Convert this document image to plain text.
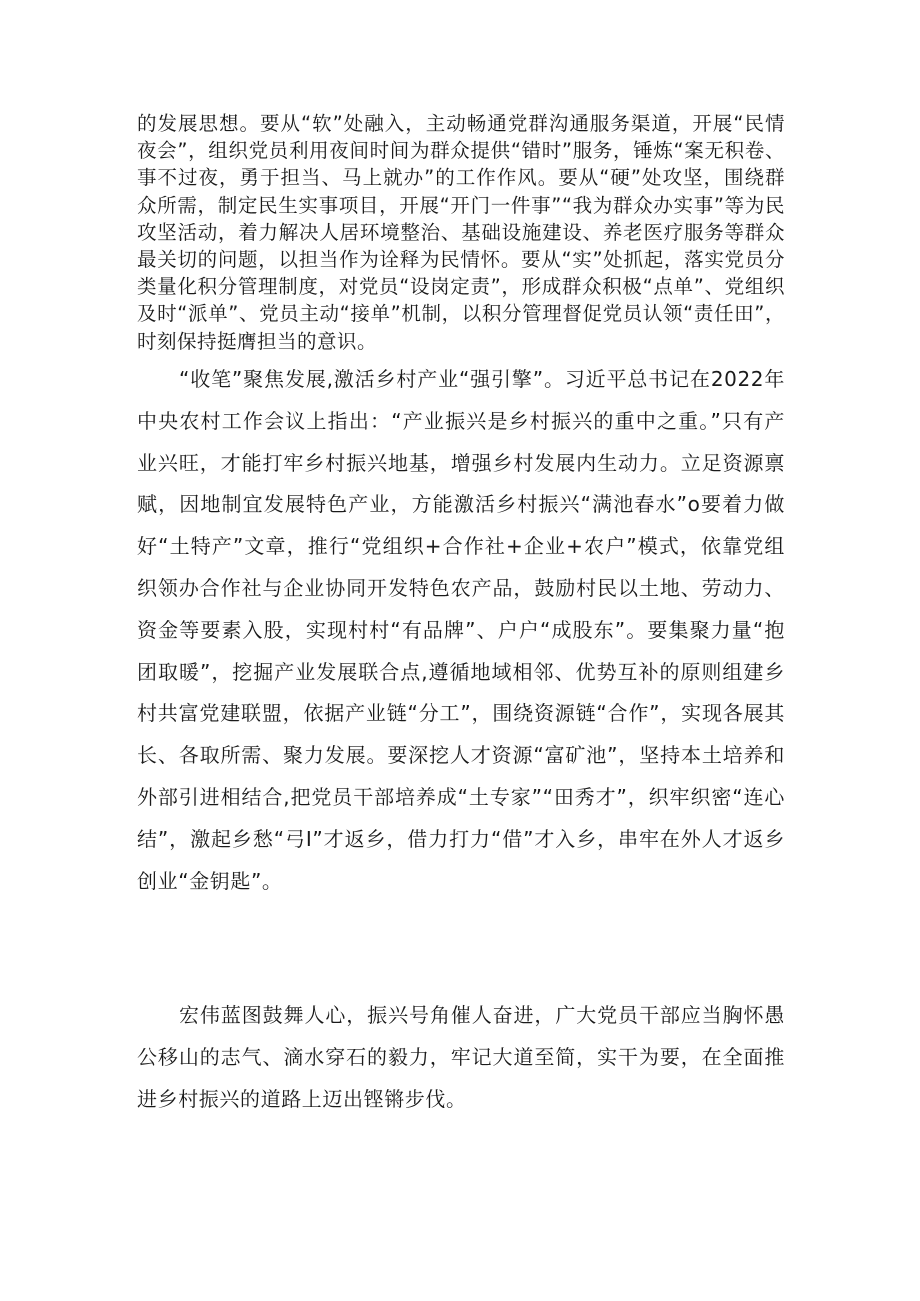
的发展思想。要从“软”处融入，主动畅通党群沟通服务渠道，开展“民情夜会”，组织党员利用夜间时间为群众提供“错时”服务，锤炼“案无积卷、事不过夜，勇于担当、马上就办”的工作作风。要从“硬”处攻坚，围绕群众所需，制定民生实事项目，开展“开门一件事”“我为群众办实事”等为民攻坚活动，着力解决人居环境整治、基础设施建设、养老医疗服务等群众最关切的问题，以担当作为诠释为民情怀。要从“实”处抓起，落实党员分类量化积分管理制度，对党员“设岗定责”，形成群众积极“点单”、党组织及时“派单”、党员主动“接单”机制，以积分管理督促党员认领“责任田”，时刻保持挺膺担当的意识。

“收笔”聚焦发展,激活乡村产业“强引擎”。习近平总书记在2022年中央农村工作会议上指出：“产业振兴是乡村振兴的重中之重。”只有产业兴旺，才能打牢乡村振兴地基，增强乡村发展内生动力。立足资源禀赋，因地制宜发展特色产业，方能激活乡村振兴“满池春水”o要着力做好“土特产”文章，推行“党组织+合作社+企业+农户”模式，依靠党组织领办合作社与企业协同开发特色农产品，鼓励村民以土地、劳动力、资金等要素入股，实现村村“有品牌”、户户“成股东”。要集聚力量“抱团取暖”，挖掘产业发展联合点,遵循地域相邻、优势互补的原则组建乡村共富党建联盟，依据产业链“分工”，围绕资源链“合作”，实现各展其长、各取所需、聚力发展。要深挖人才资源“富矿池”，坚持本土培养和外部引进相结合,把党员干部培养成“土专家”“田秀才”，织牢织密“连心结”，激起乡愁“弓I”才返乡，借力打力“借”才入乡，串牢在外人才返乡创业“金钥匙”。

宏伟蓝图鼓舞人心，振兴号角催人奋进，广大党员干部应当胸怀愚公移山的志气、滴水穿石的毅力，牢记大道至简，实干为要，在全面推进乡村振兴的道路上迈出铿锵步伐。
